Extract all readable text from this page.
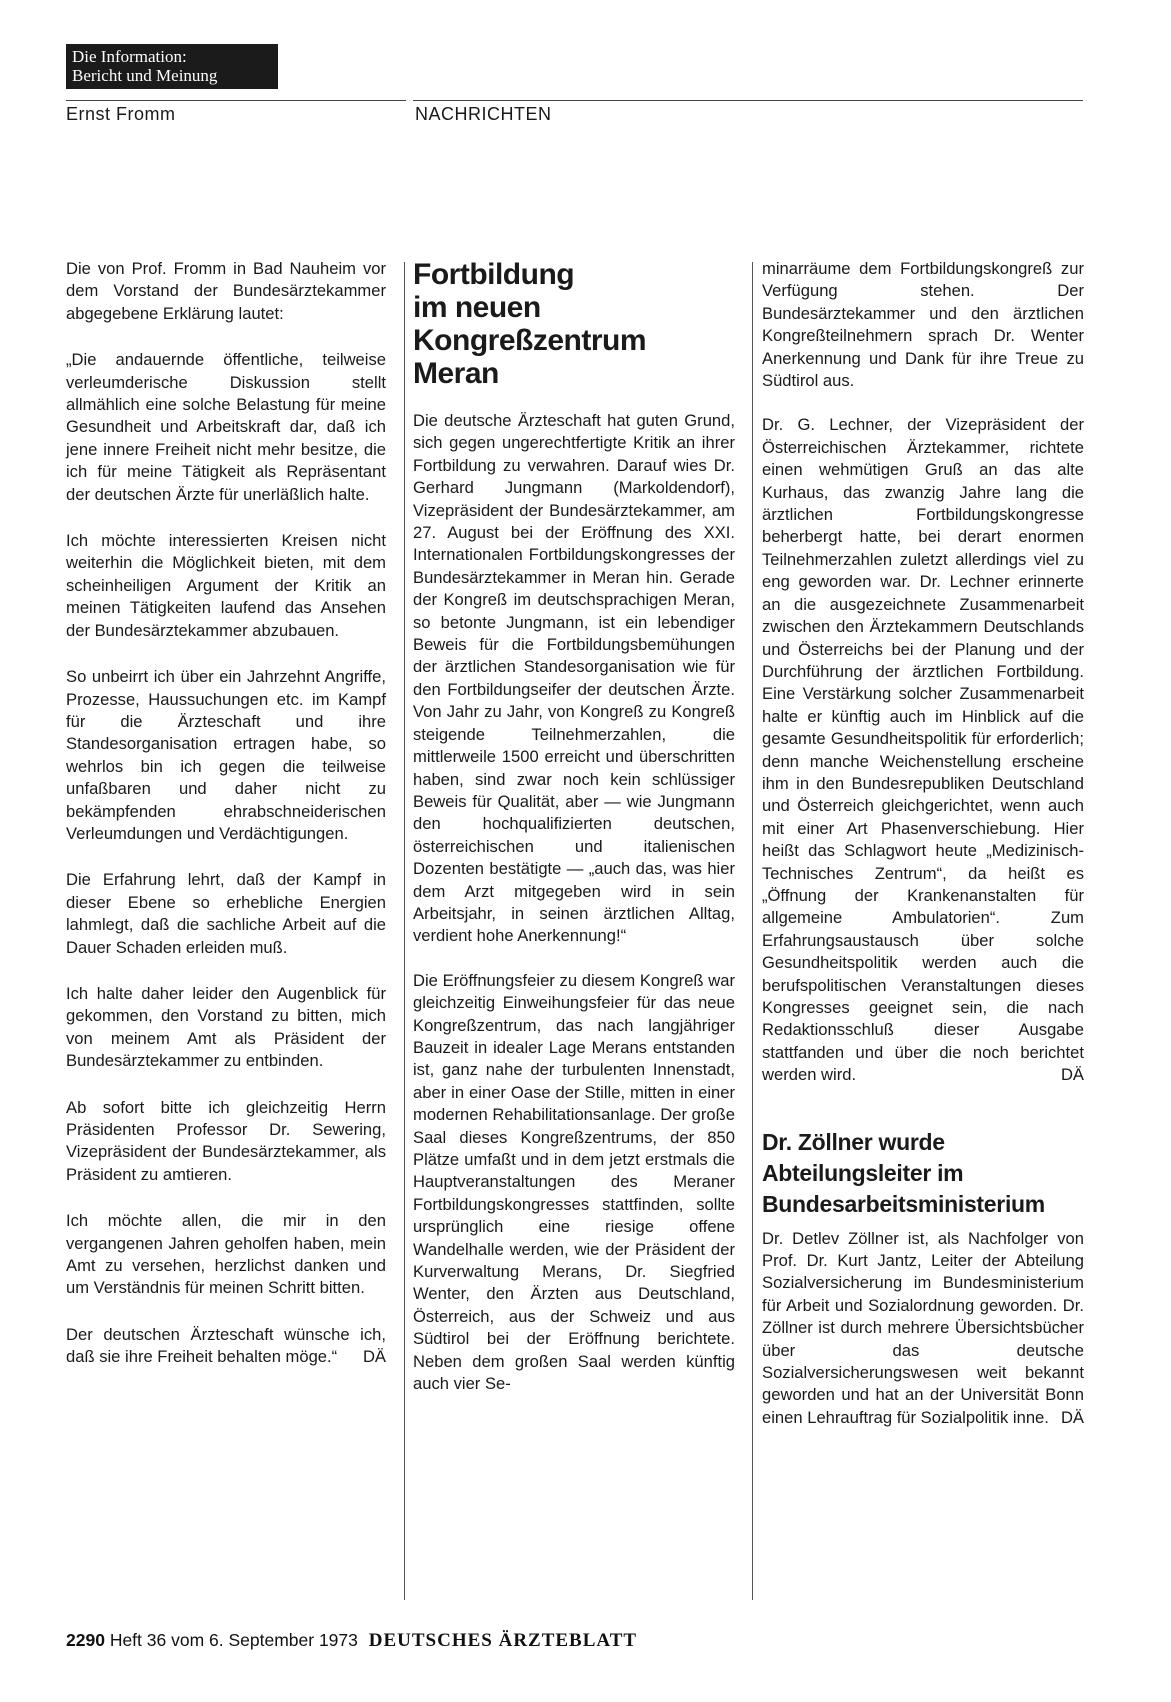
Die Information:
Bericht und Meinung
Ernst Fromm	NACHRICHTEN

Die von Prof. Fromm in Bad Nauheim vor dem Vorstand der Bundesärztekammer abgegebene Erklärung lautet:

„Die andauernde öffentliche, teilweise verleumderische Diskussion stellt allmählich eine solche Belastung für meine Gesundheit und Arbeitskraft dar, daß ich jene innere Freiheit nicht mehr besitze, die ich für meine Tätigkeit als Repräsentant der deutschen Ärzte für unerläßlich halte.

Ich möchte interessierten Kreisen nicht weiterhin die Möglichkeit bieten, mit dem scheinheiligen Argument der Kritik an meinen Tätigkeiten laufend das Ansehen der Bundesärztekammer abzubauen.

So unbeirrt ich über ein Jahrzehnt Angriffe, Prozesse, Haussuchungen etc. im Kampf für die Ärzteschaft und ihre Standesorganisation ertragen habe, so wehrlos bin ich gegen die teilweise unfaßbaren und daher nicht zu bekämpfenden ehrabschneiderischen Verleumdungen und Verdächtigungen.

Die Erfahrung lehrt, daß der Kampf in dieser Ebene so erhebliche Energien lahmlegt, daß die sachliche Arbeit auf die Dauer Schaden erleiden muß.

Ich halte daher leider den Augenblick für gekommen, den Vorstand zu bitten, mich von meinem Amt als Präsident der Bundesärztekammer zu entbinden.

Ab sofort bitte ich gleichzeitig Herrn Präsidenten Professor Dr. Sewering, Vizepräsident der Bundesärztekammer, als Präsident zu amtieren.

Ich möchte allen, die mir in den vergangenen Jahren geholfen haben, mein Amt zu versehen, herzlichst danken und um Verständnis für meinen Schritt bitten.

Der deutschen Ärzteschaft wünsche ich, daß sie ihre Freiheit behalten möge.“ DÄ

Fortbildung
im neuen
Kongreßzentrum
Meran

Die deutsche Ärzteschaft hat guten Grund, sich gegen ungerechtfertigte Kritik an ihrer Fortbildung zu verwahren. Darauf wies Dr. Gerhard Jungmann (Markoldendorf), Vizepräsident der Bundesärztekammer, am 27. August bei der Eröffnung des XXI. Internationalen Fortbildungskongresses der Bundesärztekammer in Meran hin. Gerade der Kongreß im deutschsprachigen Meran, so betonte Jungmann, ist ein lebendiger Beweis für die Fortbildungsbemühungen der ärztlichen Standesorganisation wie für den Fortbildungseifer der deutschen Ärzte. Von Jahr zu Jahr, von Kongreß zu Kongreß steigende Teilnehmerzahlen, die mittlerweile 1500 erreicht und überschritten haben, sind zwar noch kein schlüssiger Beweis für Qualität, aber — wie Jungmann den hochqualifizierten deutschen, österreichischen und italienischen Dozenten bestätigte — „auch das, was hier dem Arzt mitgegeben wird in sein Arbeitsjahr, in seinen ärztlichen Alltag, verdient hohe Anerkennung!“

Die Eröffnungsfeier zu diesem Kongreß war gleichzeitig Einweihungsfeier für das neue Kongreßzentrum, das nach langjähriger Bauzeit in idealer Lage Merans entstanden ist, ganz nahe der turbulenten Innenstadt, aber in einer Oase der Stille, mitten in einer modernen Rehabilitationsanlage. Der große Saal dieses Kongreßzentrums, der 850 Plätze umfaßt und in dem jetzt erstmals die Hauptveranstaltungen des Meraner Fortbildungskongresses stattfinden, sollte ursprünglich eine riesige offene Wandelhalle werden, wie der Präsident der Kurverwaltung Merans, Dr. Siegfried Wenter, den Ärzten aus Deutschland, Österreich, aus der Schweiz und aus Südtirol bei der Eröffnung berichtete. Neben dem großen Saal werden künftig auch vier Se-

minarräume dem Fortbildungskongreß zur Verfügung stehen. Der Bundesärztekammer und den ärztlichen Kongreßteilnehmern sprach Dr. Wenter Anerkennung und Dank für ihre Treue zu Südtirol aus.

Dr. G. Lechner, der Vizepräsident der Österreichischen Ärztekammer, richtete einen wehmütigen Gruß an das alte Kurhaus, das zwanzig Jahre lang die ärztlichen Fortbildungskongresse beherbergt hatte, bei derart enormen Teilnehmerzahlen zuletzt allerdings viel zu eng geworden war. Dr. Lechner erinnerte an die ausgezeichnete Zusammenarbeit zwischen den Ärztekammern Deutschlands und Österreichs bei der Planung und der Durchführung der ärztlichen Fortbildung. Eine Verstärkung solcher Zusammenarbeit halte er künftig auch im Hinblick auf die gesamte Gesundheitspolitik für erforderlich; denn manche Weichenstellung erscheine ihm in den Bundesrepubliken Deutschland und Österreich gleichgerichtet, wenn auch mit einer Art Phasenverschiebung. Hier heißt das Schlagwort heute „Medizinisch-Technisches Zentrum“, da heißt es „Öffnung der Krankenanstalten für allgemeine Ambulatorien“. Zum Erfahrungsaustausch über solche Gesundheitspolitik werden auch die berufspolitischen Veranstaltungen dieses Kongresses geeignet sein, die nach Redaktionsschluß dieser Ausgabe stattfanden und über die noch berichtet werden wird.	DÄ

Dr. Zöllner wurde
Abteilungsleiter im
Bundesarbeitsministerium

Dr. Detlev Zöllner ist, als Nachfolger von Prof. Dr. Kurt Jantz, Leiter der Abteilung Sozialversicherung im Bundesministerium für Arbeit und Sozialordnung geworden. Dr. Zöllner ist durch mehrere Übersichtsbücher über das deutsche Sozialversicherungswesen weit bekannt geworden und hat an der Universität Bonn einen Lehrauftrag für Sozialpolitik inne. DÄ

2290 Heft 36 vom 6. September 1973 DEUTSCHES ÄRZTEBLATT
